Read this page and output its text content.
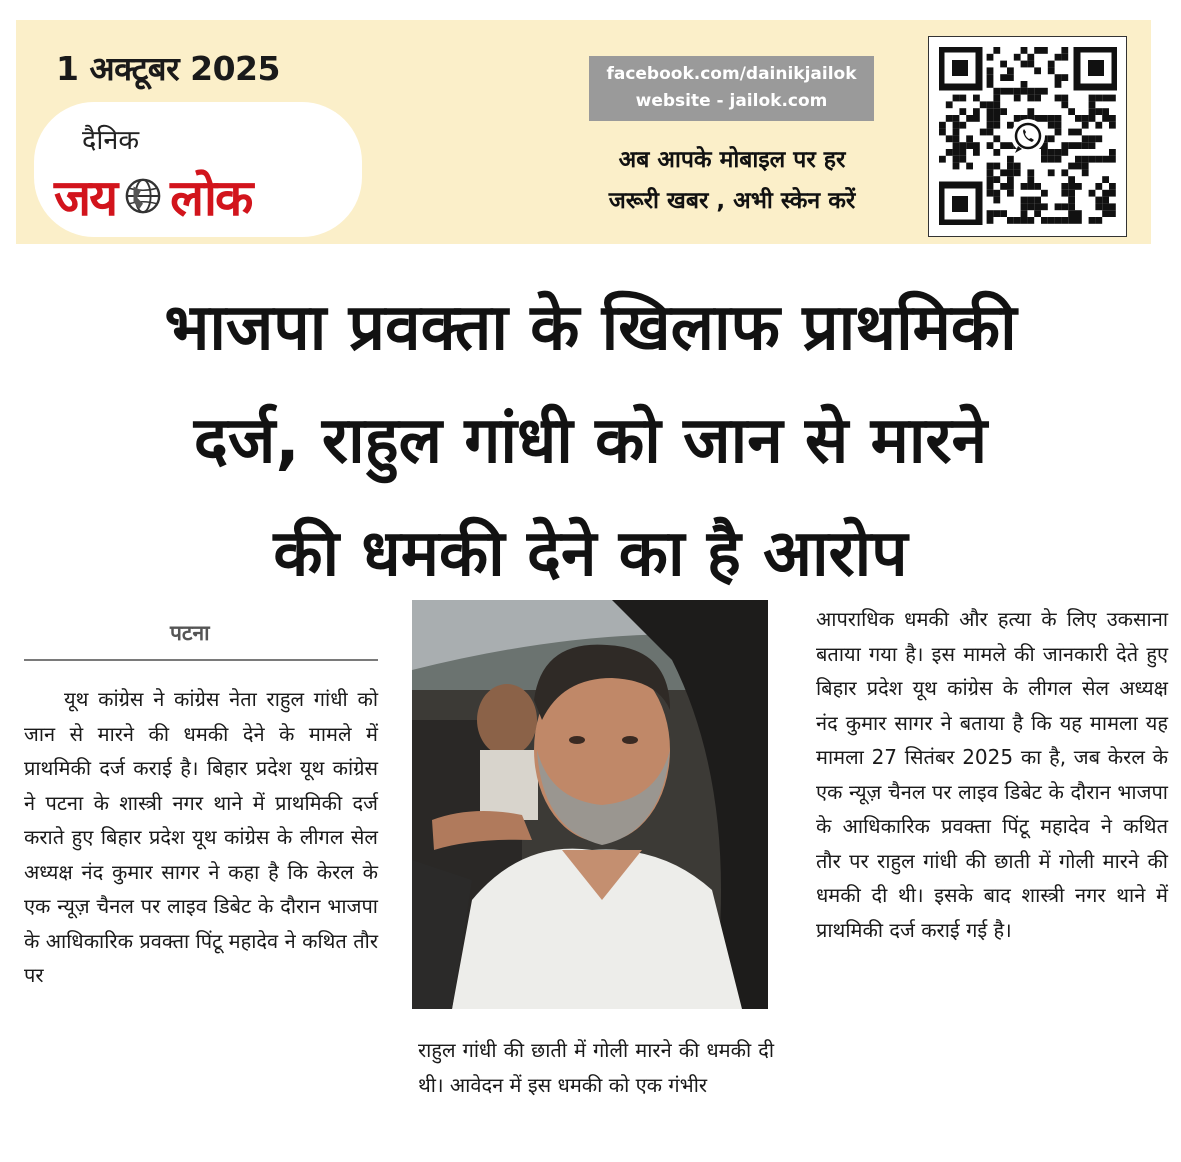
1 अक्टूबर 2025
दैनिक
जय लोक
facebook.com/dainikjailok
website - jailok.com
अब आपके मोबाइल पर हर
जरूरी खबर , अभी स्केन करें
भाजपा प्रवक्ता के खिलाफ प्राथमिकी
दर्ज, राहुल गांधी को जान से मारने
की धमकी देने का है आरोप
पटना

यूथ कांग्रेस ने कांग्रेस नेता राहुल गांधी को जान से मारने की धमकी देने के मामले में प्राथमिकी दर्ज कराई है। बिहार प्रदेश यूथ कांग्रेस ने पटना के शास्त्री नगर थाने में प्राथमिकी दर्ज कराते हुए बिहार प्रदेश यूथ कांग्रेस के लीगल सेल अध्यक्ष नंद कुमार सागर ने कहा है कि केरल के एक न्यूज़ चैनल पर लाइव डिबेट के दौरान भाजपा के आधिकारिक प्रवक्ता पिंटू महादेव ने कथित तौर पर

राहुल गांधी की छाती में गोली मारने की धमकी दी थी। आवेदन में इस धमकी को एक गंभीर

आपराधिक धमकी और हत्या के लिए उकसाना बताया गया है। इस मामले की जानकारी देते हुए बिहार प्रदेश यूथ कांग्रेस के लीगल सेल अध्यक्ष नंद कुमार सागर ने बताया है कि यह मामला यह मामला 27 सितंबर 2025 का है, जब केरल के एक न्यूज़ चैनल पर लाइव डिबेट के दौरान भाजपा के आधिकारिक प्रवक्ता पिंटू महादेव ने कथित तौर पर राहुल गांधी की छाती में गोली मारने की धमकी दी थी। इसके बाद शास्त्री नगर थाने में प्राथमिकी दर्ज कराई गई है।
